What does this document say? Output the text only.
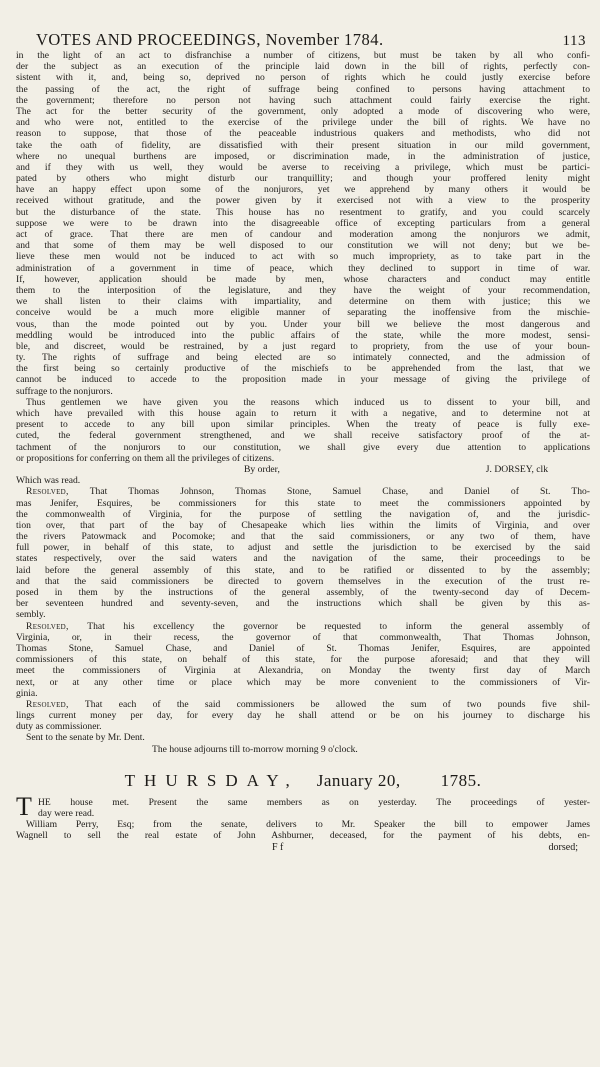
VOTES AND PROCEEDINGS, November 1784.	113
in the light of an act to disfranchise a number of citizens, but must be taken by all who confi-
der the subject as an execution of the principle laid down in the bill of rights, perfectly con-
sistent with it, and, being so, deprived no person of rights which he could justly exercise before
the passing of the act, the right of suffrage being confined to persons having attachment to
the government; therefore no person not having such attachment could fairly exercise the right.
The act for the better security of the government, only adopted a mode of discovering who were,
and who were not, entitled to the exercise of the privilege under the bill of rights. We have no
reason to suppose, that those of the peaceable industrious quakers and methodists, who did not
take the oath of fidelity, are dissatisfied with their present situation in our mild government,
where no unequal burthens are imposed, or discrimination made, in the administration of justice,
and if they with us well, they would be averse to receiving a privilege, which must be partici-
pated by others who might disturb our tranquillity; and though your proffered lenity might
have an happy effect upon some of the nonjurors, yet we apprehend by many others it would be
received without gratitude, and the power given by it exercised not with a view to the prosperity
but the disturbance of the state. This house has no resentment to gratify, and you could scarcely
suppose we were to be drawn into the disagreeable office of excepting particulars from a general
act of grace. That there are men of candour and moderation among the nonjurors we admit,
and that some of them may be well disposed to our constitution we will not deny; but we be-
lieve these men would not be induced to act with so much impropriety, as to take part in the
administration of a government in time of peace, which they declined to support in time of war.
If, however, application should be made by men, whose characters and conduct may entitle
them to the interposition of the legislature, and they have the weight of your recommendation,
we shall listen to their claims with impartiality, and determine on them with justice; this we
conceive would be a much more eligible manner of separating the inoffensive from the mischie-
vous, than the mode pointed out by you. Under your bill we believe the most dangerous and
meddling would be introduced into the public affairs of the state, while the more modest, sensi-
ble, and discreet, would be restrained, by a just regard to propriety, from the use of your boun-
ty. The rights of suffrage and being elected are so intimately connected, and the admission of
the first being so certainly productive of the mischiefs to be apprehended from the last, that we
cannot be induced to accede to the proposition made in your message of giving the privilege of
suffrage to the nonjurors.
Thus gentlemen we have given you the reasons which induced us to dissent to your bill, and
which have prevailed with this house again to return it with a negative, and to determine not at
present to accede to any bill upon similar principles. When the treaty of peace is fully exe-
cuted, the federal government strengthened, and we shall receive satisfactory proof of the at-
tachment of the nonjurors to our constitution, we shall give every due attention to applications
or propositions for conferring on them all the privileges of citizens.
By order,	J. DORSEY, clk
Which was read.
Resolved, That Thomas Johnson, Thomas Stone, Samuel Chase, and Daniel of St. Tho-
mas Jenifer, Esquires, be commissioners for this state to meet the commissioners appointed by
the commonwealth of Virginia, for the purpose of settling the navigation of, and the jurisdic-
tion over, that part of the bay of Chesapeake which lies within the limits of Virginia, and over
the rivers Patowmack and Pocomoke; and that the said commissioners, or any two of them, have
full power, in behalf of this state, to adjust and settle the jurisdiction to be exercised by the said
states respectively, over the said waters and the navigation of the same, their proceedings to be
laid before the general assembly of this state, and to be ratified or dissented to by the assembly;
and that the said commissioners be directed to govern themselves in the execution of the trust re-
posed in them by the instructions of the general assembly, of the twenty-second day of Decem-
ber seventeen hundred and seventy-seven, and the instructions which shall be given by this as-
sembly.
Resolved, That his excellency the governor be requested to inform the general assembly of
Virginia, or, in their recess, the governor of that commonwealth, That Thomas Johnson,
Thomas Stone, Samuel Chase, and Daniel of St. Thomas Jenifer, Esquires, are appointed
commissioners of this state, on behalf of this state, for the purpose aforesaid; and that they will
meet the commissioners of Virginia at Alexandria, on Monday the twenty first day of March
next, or at any other time or place which may be more convenient to the commissioners of Vir-
ginia.
Resolved, That each of the said commissioners be allowed the sum of two pounds five shil-
lings current money per day, for every day he shall attend or be on his journey to discharge his
duty as commissioner.
Sent to the senate by Mr. Dent.
The house adjourns till to-morrow morning 9 o'clock.
THURSDAY, January 20, 1785.
T HE house met. Present the same members as on yesterday. The proceedings of yester-
day were read.
William Perry, Esq; from the senate, delivers to Mr. Speaker the bill to empower James
Wagnell to sell the real estate of John Ashburner, deceased, for the payment of his debts, en-
F f	dorsed;
